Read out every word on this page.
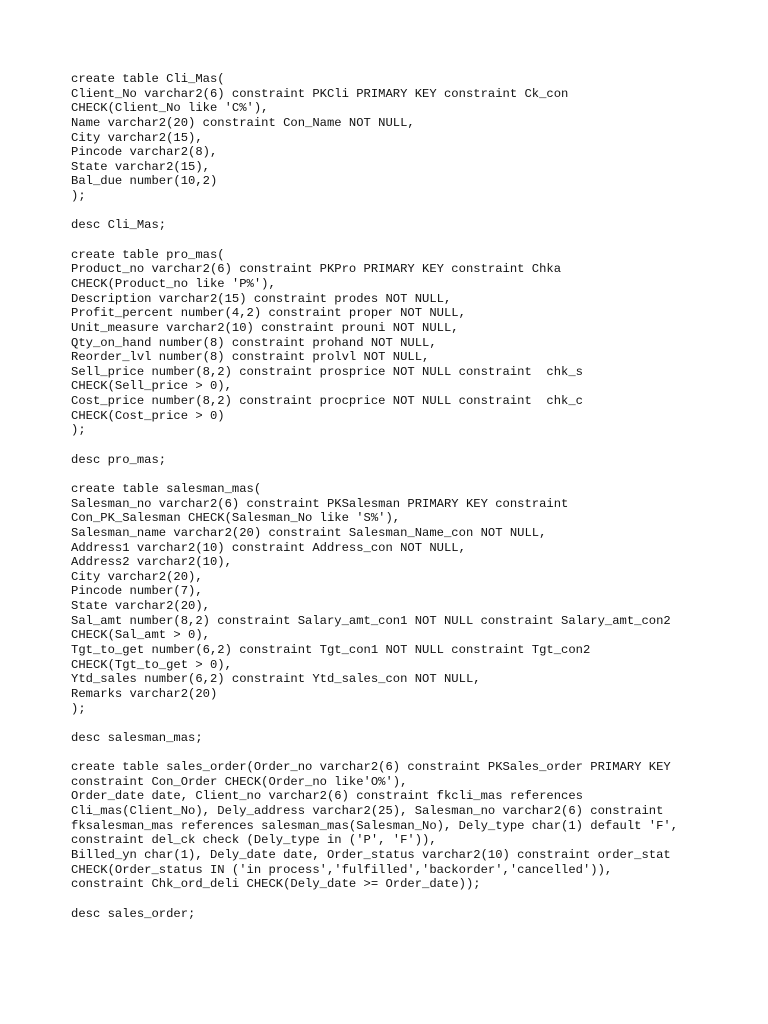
create table Cli_Mas(
Client_No varchar2(6) constraint PKCli PRIMARY KEY constraint Ck_con
CHECK(Client_No like 'C%'),
Name varchar2(20) constraint Con_Name NOT NULL,
City varchar2(15),
Pincode varchar2(8),
State varchar2(15),
Bal_due number(10,2)
);
desc Cli_Mas;
create table pro_mas(
Product_no varchar2(6) constraint PKPro PRIMARY KEY constraint Chka
CHECK(Product_no like 'P%'),
Description varchar2(15) constraint prodes NOT NULL,
Profit_percent number(4,2) constraint proper NOT NULL,
Unit_measure varchar2(10) constraint prouni NOT NULL,
Qty_on_hand number(8) constraint prohand NOT NULL,
Reorder_lvl number(8) constraint prolvl NOT NULL,
Sell_price number(8,2) constraint prosprice NOT NULL constraint  chk_s
CHECK(Sell_price > 0),
Cost_price number(8,2) constraint procprice NOT NULL constraint  chk_c
CHECK(Cost_price > 0)
);
desc pro_mas;
create table salesman_mas(
Salesman_no varchar2(6) constraint PKSalesman PRIMARY KEY constraint
Con_PK_Salesman CHECK(Salesman_No like 'S%'),
Salesman_name varchar2(20) constraint Salesman_Name_con NOT NULL,
Address1 varchar2(10) constraint Address_con NOT NULL,
Address2 varchar2(10),
City varchar2(20),
Pincode number(7),
State varchar2(20),
Sal_amt number(8,2) constraint Salary_amt_con1 NOT NULL constraint Salary_amt_con2
CHECK(Sal_amt > 0),
Tgt_to_get number(6,2) constraint Tgt_con1 NOT NULL constraint Tgt_con2
CHECK(Tgt_to_get > 0),
Ytd_sales number(6,2) constraint Ytd_sales_con NOT NULL,
Remarks varchar2(20)
);
desc salesman_mas;
create table sales_order(Order_no varchar2(6) constraint PKSales_order PRIMARY KEY
constraint Con_Order CHECK(Order_no like'O%'),
Order_date date, Client_no varchar2(6) constraint fkcli_mas references
Cli_mas(Client_No), Dely_address varchar2(25), Salesman_no varchar2(6) constraint
fksalesman_mas references salesman_mas(Salesman_No), Dely_type char(1) default 'F',
constraint del_ck check (Dely_type in ('P', 'F')),
Billed_yn char(1), Dely_date date, Order_status varchar2(10) constraint order_stat
CHECK(Order_status IN ('in process','fulfilled','backorder','cancelled')),
constraint Chk_ord_deli CHECK(Dely_date >= Order_date));
desc sales_order;
